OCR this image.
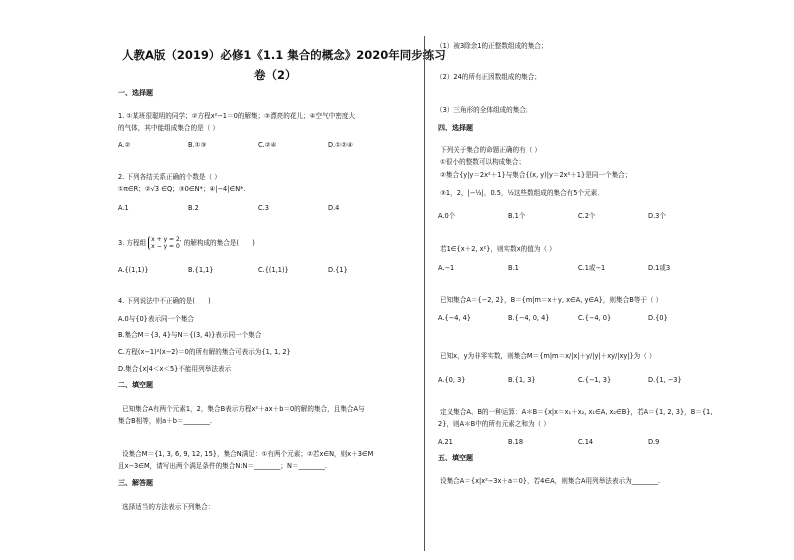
人教A版（2019）必修1《1.1 集合的概念》2020年同步练习
卷（2）
一、选择题
1. ①某班很聪明的同学；②方程x²−1＝0的解集；③漂亮的花儿；④空气中密度大
的气体，其中能组成集合的是（ ）
A.②	B.①③	C.②④	D.①②④
2. 下列各结关系正确的个数是（ ）
①π∈R；②√3 ∈Q；③0∈N*；④|−4|∈N*.
A.1	B.2	C.3	D.4
3. 方程组 x + y = 2,
x − y = 0 的解构成的集合是(　　)
A.{(1,1)}	B.{1,1}	C.{(1,1)}	D.{1}
4. 下列说法中不正确的是(　　)
A.0与{0}表示同一个集合
B.集合M＝{3, 4}与N＝{(3, 4)}表示同一个集合
C.方程(x−1)²(x−2)＝0的所有解的集合可表示为{1, 1, 2}
D.集合{x|4＜x＜5}不能用列举法表示
二、填空题
已知集合A有两个元素1，2，集合B表示方程x²＋ax＋b＝0的解的集合，且集合A与
集合B相等，则a＋b＝________.
设集合M＝{1, 3, 6, 9, 12, 15}，集合N满足：①有两个元素；②若x∈N，则x＋3∈M
且x−3∈M，请写出两个满足条件的集合N:N＝________；N＝________.
三、解答题
选择适当的方法表示下列集合：
（1）被3除余1的正整数组成的集合；
（2）24的所有正因数组成的集合；
（3）三角形的全体组成的集合．
四、选择题
下列关于集合的命题正确的有（ ）
①很小的整数可以构成集合；
②集合{y|y＝2x²＋1}与集合{(x, y)|y＝2x²＋1}是同一个集合；
③1，2，|−½|，0.5，½这些数组成的集合有5个元素．
A.0个	B.1个	C.2个	D.3个
若1∈{x＋2, x²}，则实数x的值为（ ）
A.−1	B.1	C.1或−1	D.1或3
已知集合A＝{−2, 2}，B＝{m|m＝x＋y, x∈A, y∈A}，则集合B等于（ ）
A.{−4, 4}	B.{−4, 0, 4}	C.{−4, 0}	D.{0}
已知x，y为非零实数，则集合M＝{m|m＝x/|x|＋y/|y|＋xy/|xy|}为（ ）
A.{0, 3}	B.{1, 3}	C.{−1, 3}	D.{1, −3}
定义集合A、B的一种运算：A＊B＝{x|x＝x₁＋x₂, x₁∈A, x₂∈B}，若A＝{1, 2, 3}，B＝{1,
2}，则A＊B中的所有元素之和为（ ）
A.21	B.18	C.14	D.9
五、填空题
设集合A＝{x|x²−3x＋a＝0}，若4∈A，则集合A用列举法表示为________.
